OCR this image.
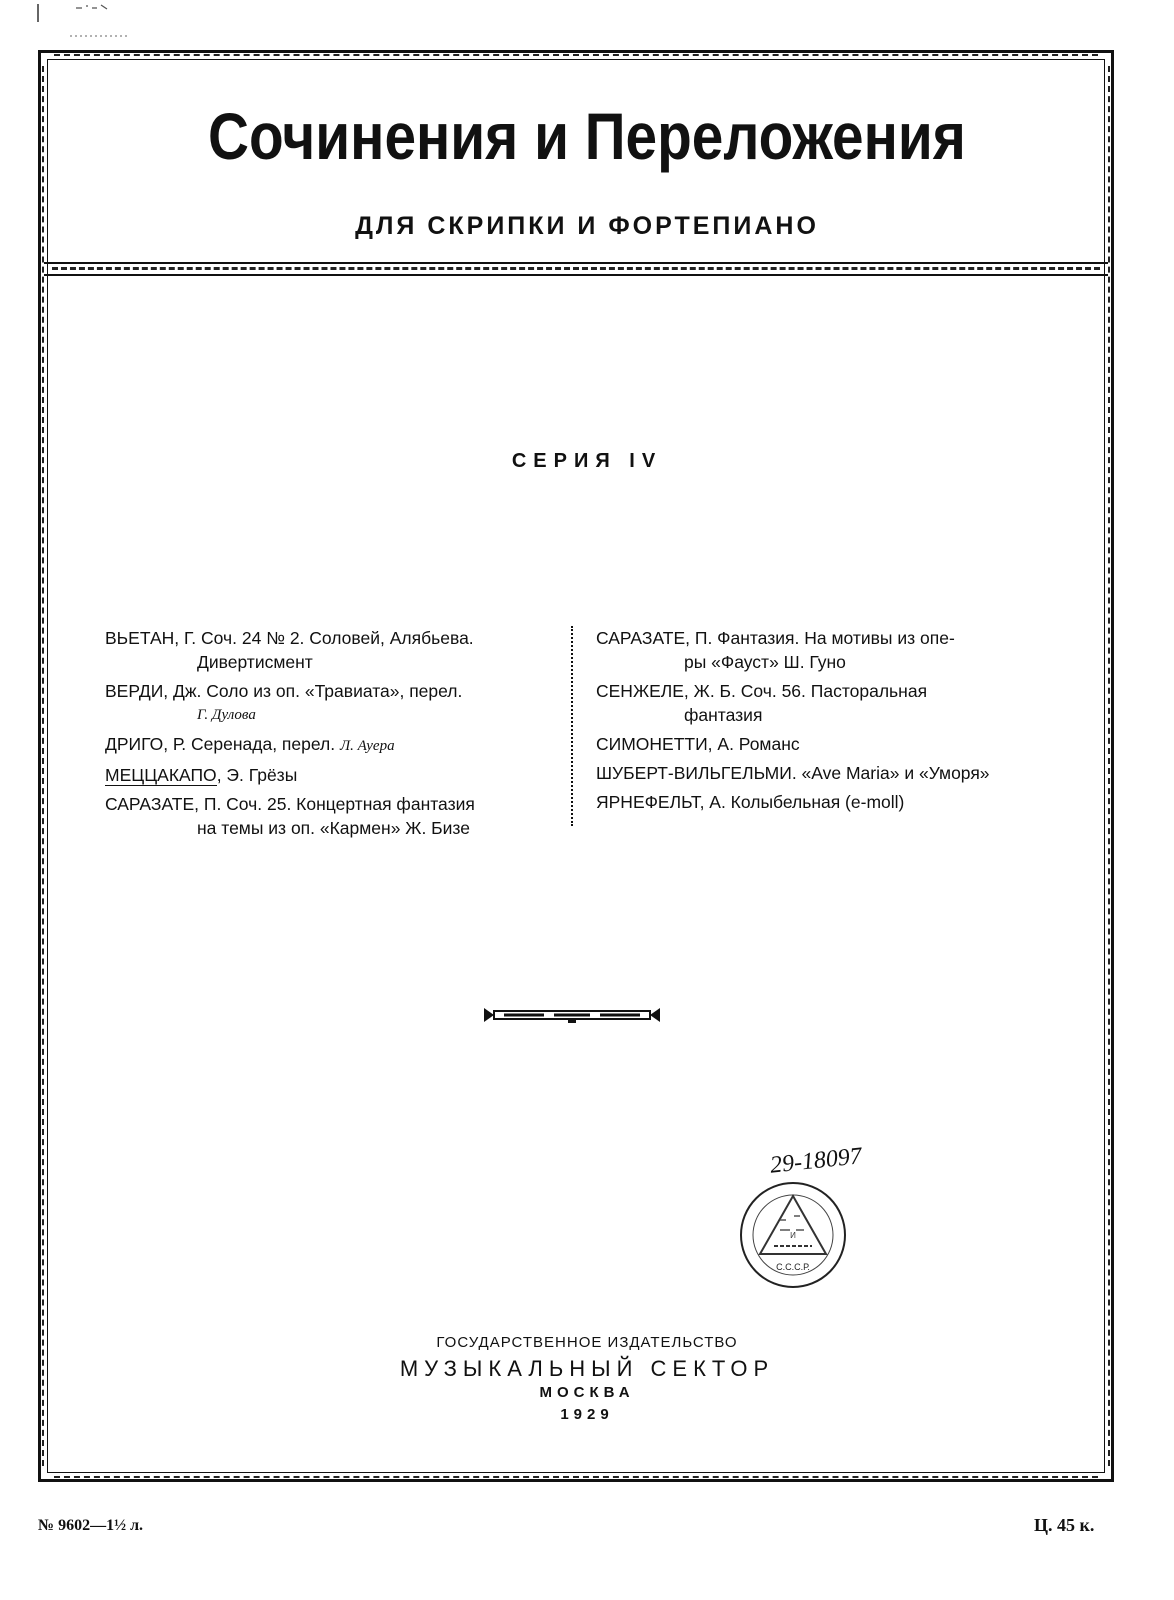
Сочинения и Переложения
ДЛЯ СКРИПКИ И ФОРТЕПИАНО
СЕРИЯ IV
ВЬЕТАН, Г. Соч. 24 № 2. Соловей, Алябьева.
Дивертисмент
ВЕРДИ, Дж. Соло из оп. «Травиата», перел.
Г. Дулова
ДРИГО, Р. Серенада, перел. Л. Ауера
МЕЦЦАКАПО, Э. Грёзы
САРАЗАТЕ, П. Соч. 25. Концертная фантазия
на темы из оп. «Кармен» Ж. Бизе
САРАЗАТЕ, П. Фантазия. На мотивы из опе-
ры «Фауст» Ш. Гуно
СЕНЖЕЛЕ, Ж. Б. Соч. 56. Пасторальная
фантазия
СИМОНЕТТИ, А. Романс
ШУБЕРТ-ВИЛЬГЕЛЬМИ. «Ave Maria» и «Уморя»
ЯРНЕФЕЛЬТ, А. Колыбельная (e-moll)
29-18097
И
С.С.С.Р.
ГОСУДАРСТВЕННОЕ ИЗДАТЕЛЬСТВО
МУЗЫКАЛЬНЫЙ СЕКТОР
МОСКВА
1929
№ 9602—1½ л.	Ц. 45 к.
